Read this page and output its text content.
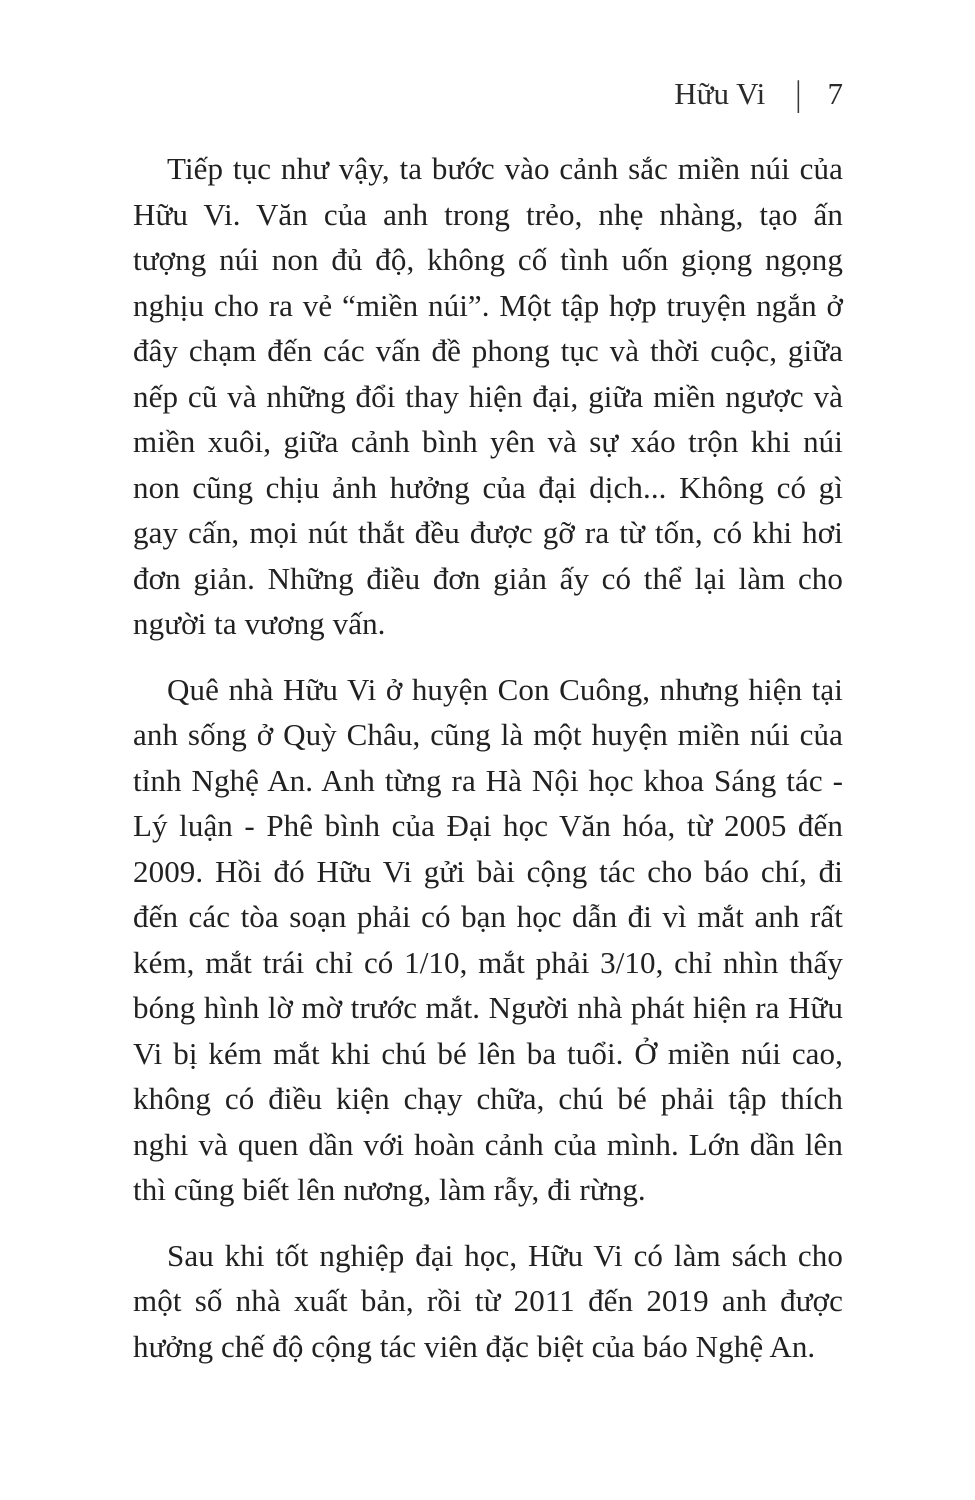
Hữu Vi | 7

Tiếp tục như vậy, ta bước vào cảnh sắc miền núi của Hữu Vi. Văn của anh trong trẻo, nhẹ nhàng, tạo ấn tượng núi non đủ độ, không cố tình uốn giọng ngọng nghịu cho ra vẻ “miền núi”. Một tập hợp truyện ngắn ở đây chạm đến các vấn đề phong tục và thời cuộc, giữa nếp cũ và những đổi thay hiện đại, giữa miền ngược và miền xuôi, giữa cảnh bình yên và sự xáo trộn khi núi non cũng chịu ảnh hưởng của đại dịch... Không có gì gay cấn, mọi nút thắt đều được gỡ ra từ tốn, có khi hơi đơn giản. Những điều đơn giản ấy có thể lại làm cho người ta vương vấn.

Quê nhà Hữu Vi ở huyện Con Cuông, nhưng hiện tại anh sống ở Quỳ Châu, cũng là một huyện miền núi của tỉnh Nghệ An. Anh từng ra Hà Nội học khoa Sáng tác - Lý luận - Phê bình của Đại học Văn hóa, từ 2005 đến 2009. Hồi đó Hữu Vi gửi bài cộng tác cho báo chí, đi đến các tòa soạn phải có bạn học dẫn đi vì mắt anh rất kém, mắt trái chỉ có 1/10, mắt phải 3/10, chỉ nhìn thấy bóng hình lờ mờ trước mắt. Người nhà phát hiện ra Hữu Vi bị kém mắt khi chú bé lên ba tuổi. Ở miền núi cao, không có điều kiện chạy chữa, chú bé phải tập thích nghi và quen dần với hoàn cảnh của mình. Lớn dần lên thì cũng biết lên nương, làm rẫy, đi rừng.

Sau khi tốt nghiệp đại học, Hữu Vi có làm sách cho một số nhà xuất bản, rồi từ 2011 đến 2019 anh được hưởng chế độ cộng tác viên đặc biệt của báo Nghệ An.
